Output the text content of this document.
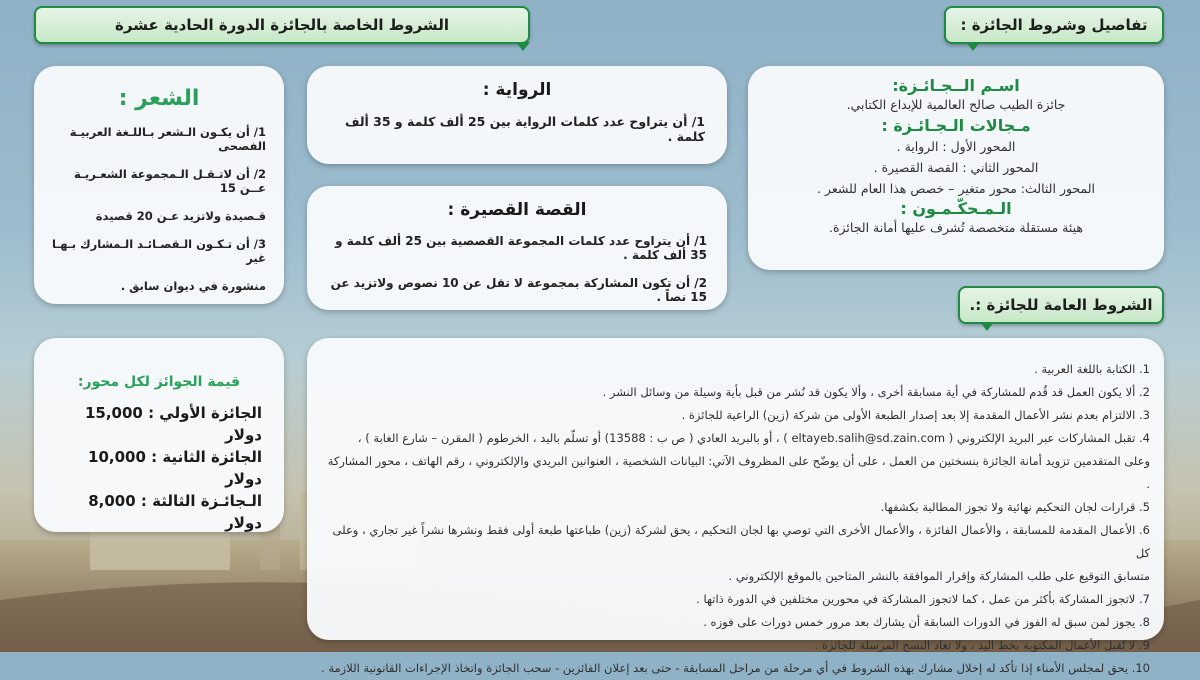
تفاصيل وشروط الجائزة :
الشروط الخاصة بالجائزة الدورة الحادية عشرة
الشروط العامة للجائزة :.
اسـم الــجـائـزة:
جائزة الطيب صالح العالمية للإبداع الكتابي.
مـجالات الـجـائـزة :
المحور الأول : الرواية .
المحور الثاني : القصة القصيرة .
المحور الثالث: محور متغير – خصص هذا العام للشعر .
الـمـحكّـمـون :
هيئة مستقلة متخصصة تُشرف عليها أمانة الجائزة.
الرواية :
1/ أن يتراوح عدد كلمات الرواية بين 25 ألف كلمة و 35 ألف كلمة .
القصة القصيرة :
1/ أن يتراوح عدد كلمات المجموعة القصصية بين 25 ألف كلمة و 35 ألف كلمة .
2/ أن تكون المشاركة بمجموعة لا تقل عن 10 نصوص ولاتزيد عن 15 نصاً .
الشعر :
1/ أن يكـون الـشعر بـاللـغة العربيـة الفصحى
2/ أن لاتـقـل الـمجموعة الشعـريـة عــن 15
قـصيدة ولاتزيد عـن 20 قصيدة
3/ أن تـكـون الـقصـائـد الـمشارك بـهـا غير
منشورة في ديوان سابق .
قيمة الجوائز لكل محور:
الجائزة الأولي : 15,000 دولار
الجائزة الثانية : 10,000 دولار
الـجائـزة الثالثة : 8,000 دولار
1. الكتابة باللغة العربية .
2. ألا يكون العمل قد قُدم للمشاركة في أية مسابقة أخرى ، وألا يكون قد نُشر من قبل بأية وسيلة من وسائل النشر .
3. الالتزام بعدم نشر الأعمال المقدمة إلا بعد إصدار الطبعة الأولى من شركة (زين) الراعية للجائزة .
4. تقبل المشاركات عبر البريد الإلكتروني ( eltayeb.salih@sd.zain.com ) ، أو بالبريد العادي ( ص ب : 13588) أو تسلّم باليد ، الخرطوم ( المقرن – شارع الغابة ) ،
وعلى المتقدمين تزويد أمانة الجائزة بنسختين من العمل ، على أن يوضّح على المظروف الآتي: البيانات الشخصية ، العنوانين البريدي والإلكتروني ، رقم الهاتف ، محور المشاركة .
5. قرارات لجان التحكيم نهائية ولا تجوز المطالبة بكشفها.
6. الأعمال المقدمة للمسابقة ، والأعمال الفائزة ، والأعمال الأخرى التي توصي بها لجان التحكيم ، يحق لشركة (زين) طباعتها طبعة أولى فقط ونشرها نشراً غير تجاري ، وعلى كل
متسابق التوقيع على طلب المشاركة وإقرار الموافقة بالنشر المتاحين بالموقع الإلكتروني .
7. لاتجوز المشاركة بأكثر من عمل ، كما لاتجوز المشاركة في محورين مختلفين في الدورة ذاتها .
8. يجوز لمن سبق له الفوز في الدورات السابقة أن يشارك بعد مرور خمس دورات على فوزه .
9. لا تُقبل الأعمال المكتوبة بخط اليد ، ولا تعاد النسخ المرسلة للجائزة .
10. يحق لمجلس الأمناء إذا تأكد له إخلال مشارك بهذه الشروط في أي مرحلة من مراحل المسابقة - حتى بعد إعلان الفائزين - سحب الجائزة واتخاذ الإجراءات القانونية اللازمة .
